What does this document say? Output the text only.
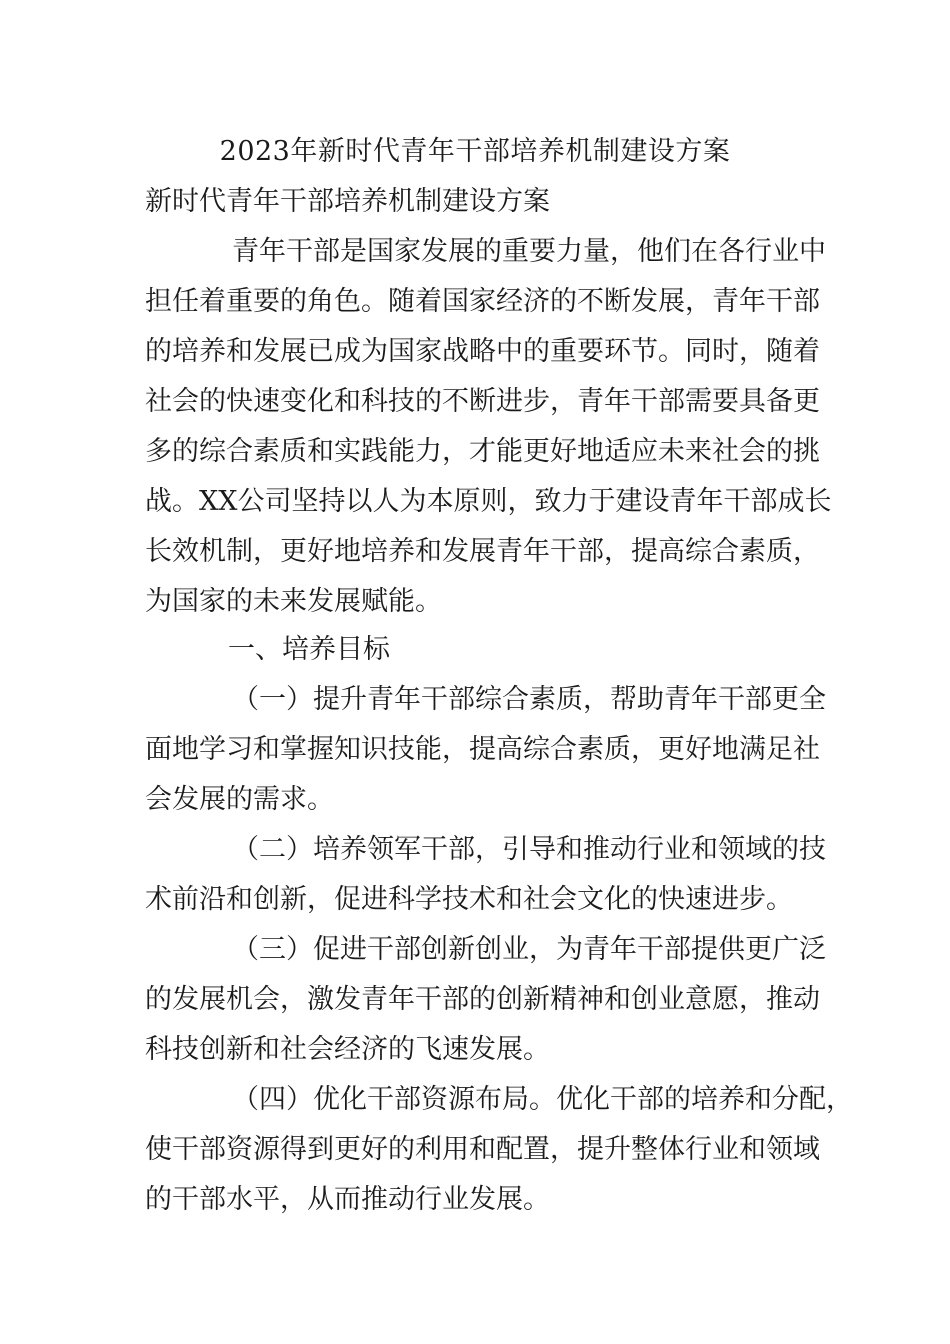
2023年新时代青年干部培养机制建设方案
新时代青年干部培养机制建设方案
青年干部是国家发展的重要力量，他们在各行业中
担任着重要的角色。随着国家经济的不断发展，青年干部
的培养和发展已成为国家战略中的重要环节。同时，随着
社会的快速变化和科技的不断进步，青年干部需要具备更
多的综合素质和实践能力，才能更好地适应未来社会的挑
战。XX公司坚持以人为本原则，致力于建设青年干部成长
长效机制，更好地培养和发展青年干部，提高综合素质，
为国家的未来发展赋能。
一、培养目标
（一）提升青年干部综合素质，帮助青年干部更全
面地学习和掌握知识技能，提高综合素质，更好地满足社
会发展的需求。
（二）培养领军干部，引导和推动行业和领域的技
术前沿和创新，促进科学技术和社会文化的快速进步。
（三）促进干部创新创业，为青年干部提供更广泛
的发展机会，激发青年干部的创新精神和创业意愿，推动
科技创新和社会经济的飞速发展。
（四）优化干部资源布局。优化干部的培养和分配，
使干部资源得到更好的利用和配置，提升整体行业和领域
的干部水平，从而推动行业发展。
